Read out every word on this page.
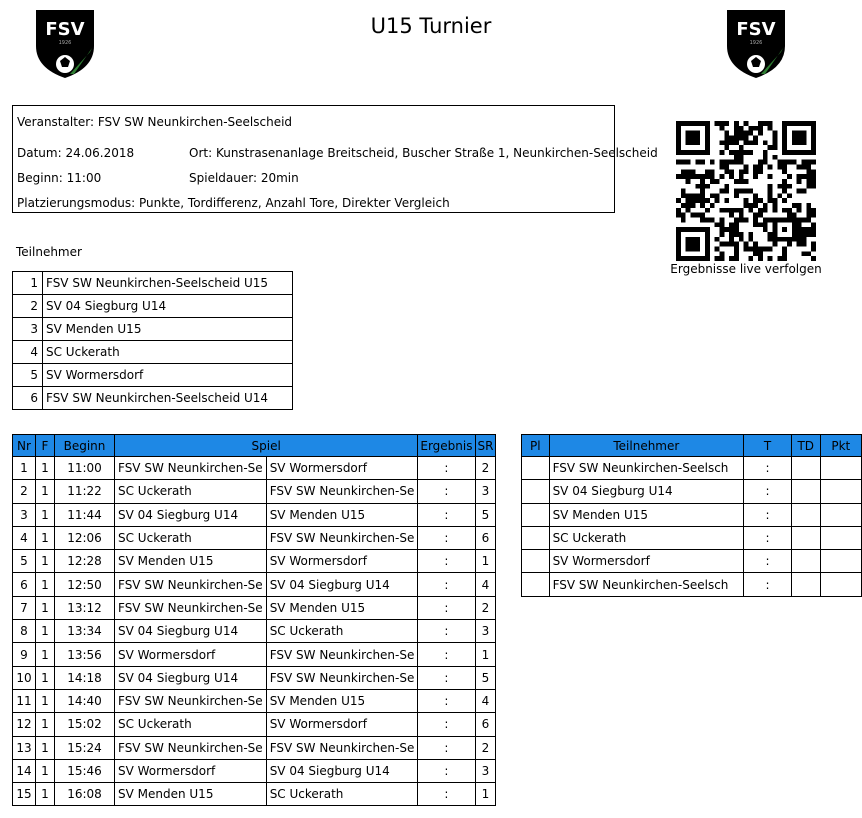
FSV
1926
FSV
1926
U15 Turnier
Veranstalter: FSV SW Neunkirchen-Seelscheid
Datum: 24.06.2018	Ort: Kunstrasenanlage Breitscheid, Buscher Straße 1, Neunkirchen-Seelscheid
Beginn: 11:00	Spieldauer: 20min
Platzierungsmodus: Punkte, Tordifferenz, Anzahl Tore, Direkter Vergleich
Ergebnisse live verfolgen
Teilnehmer
1	FSV SW Neunkirchen-Seelscheid U15
2	SV 04 Siegburg U14
3	SV Menden U15
4	SC Uckerath
5	SV Wormersdorf
6	FSV SW Neunkirchen-Seelscheid U14
Nr	F	Beginn	Spiel		Ergebnis	SR
1	1	11:00	FSV SW Neunkirchen-Se	SV Wormersdorf	:	2
2	1	11:22	SC Uckerath	FSV SW Neunkirchen-Se	:	3
3	1	11:44	SV 04 Siegburg U14	SV Menden U15	:	5
4	1	12:06	SC Uckerath	FSV SW Neunkirchen-Se	:	6
5	1	12:28	SV Menden U15	SV Wormersdorf	:	1
6	1	12:50	FSV SW Neunkirchen-Se	SV 04 Siegburg U14	:	4
7	1	13:12	FSV SW Neunkirchen-Se	SV Menden U15	:	2
8	1	13:34	SV 04 Siegburg U14	SC Uckerath	:	3
9	1	13:56	SV Wormersdorf	FSV SW Neunkirchen-Se	:	1
10	1	14:18	SV 04 Siegburg U14	FSV SW Neunkirchen-Se	:	5
11	1	14:40	FSV SW Neunkirchen-Se	SV Menden U15	:	4
12	1	15:02	SC Uckerath	SV Wormersdorf	:	6
13	1	15:24	FSV SW Neunkirchen-Se	FSV SW Neunkirchen-Se	:	2
14	1	15:46	SV Wormersdorf	SV 04 Siegburg U14	:	3
15	1	16:08	SV Menden U15	SC Uckerath	:	1
Pl	Teilnehmer	T	TD	Pkt
	FSV SW Neunkirchen-Seelsch	:		
	SV 04 Siegburg U14	:		
	SV Menden U15	:		
	SC Uckerath	:		
	SV Wormersdorf	:		
	FSV SW Neunkirchen-Seelsch	:		
